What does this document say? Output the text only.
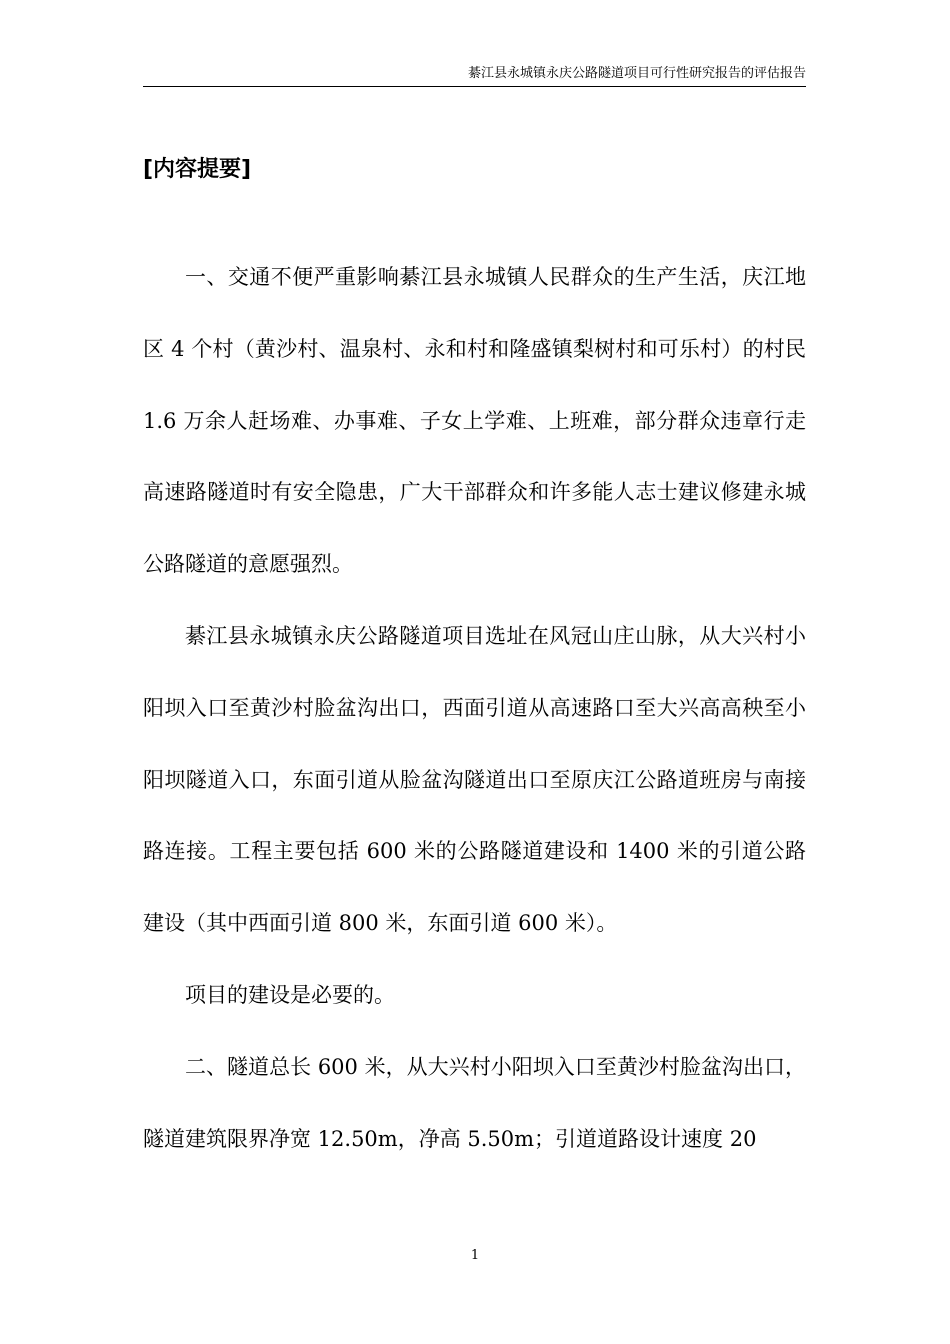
綦江县永城镇永庆公路隧道项目可行性研究报告的评估报告
[内容提要]

一、交通不便严重影响綦江县永城镇人民群众的生产生活，庆江地区 4 个村（黄沙村、温泉村、永和村和隆盛镇梨树村和可乐村）的村民 1.6 万余人赶场难、办事难、子女上学难、上班难，部分群众违章行走高速路隧道时有安全隐患，广大干部群众和许多能人志士建议修建永城公路隧道的意愿强烈。

綦江县永城镇永庆公路隧道项目选址在风冠山庄山脉，从大兴村小阳坝入口至黄沙村脸盆沟出口，西面引道从高速路口至大兴高高秧至小阳坝隧道入口，东面引道从脸盆沟隧道出口至原庆江公路道班房与南接路连接。工程主要包括 600 米的公路隧道建设和 1400 米的引道公路建设（其中西面引道 800 米，东面引道 600 米）。

项目的建设是必要的。

二、隧道总长 600 米，从大兴村小阳坝入口至黄沙村脸盆沟出口，隧道建筑限界净宽 12.50m，净高 5.50m；引道道路设计速度 20

1
